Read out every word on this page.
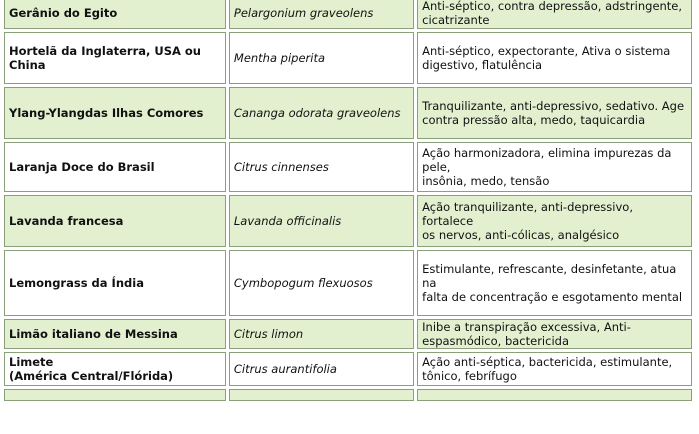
Gerânio do Egito	Pelargonium graveolens	Anti-séptico, contra depressão, adstringente,
cicatrizante

Hortelã da Inglaterra, USA ou China	Mentha piperita	Anti-séptico, expectorante, Ativa o sistema
digestivo, flatulência

Ylang-Ylangdas Ilhas Comores	Cananga odorata graveolens	Tranquilizante, anti-depressivo, sedativo. Age
contra pressão alta, medo, taquicardia

Laranja Doce do Brasil	Citrus cinnenses	Ação harmonizadora, elimina impurezas da pele,
insônia, medo, tensão

Lavanda francesa	Lavanda officinalis	Ação tranquilizante, anti-depressivo, fortalece
os nervos, anti-cólicas, analgésico

Lemongrass da Índia	Cymbopogum flexuosos	Estimulante, refrescante, desinfetante, atua na
falta de concentração e esgotamento mental

Limão italiano de Messina	Citrus limon	Inibe a transpiração excessiva, Anti-
espasmódico, bactericida

Limete
(América Central/Flórida)	Citrus aurantifolia	Ação anti-séptica, bactericida, estimulante,
tônico, febrífugo
